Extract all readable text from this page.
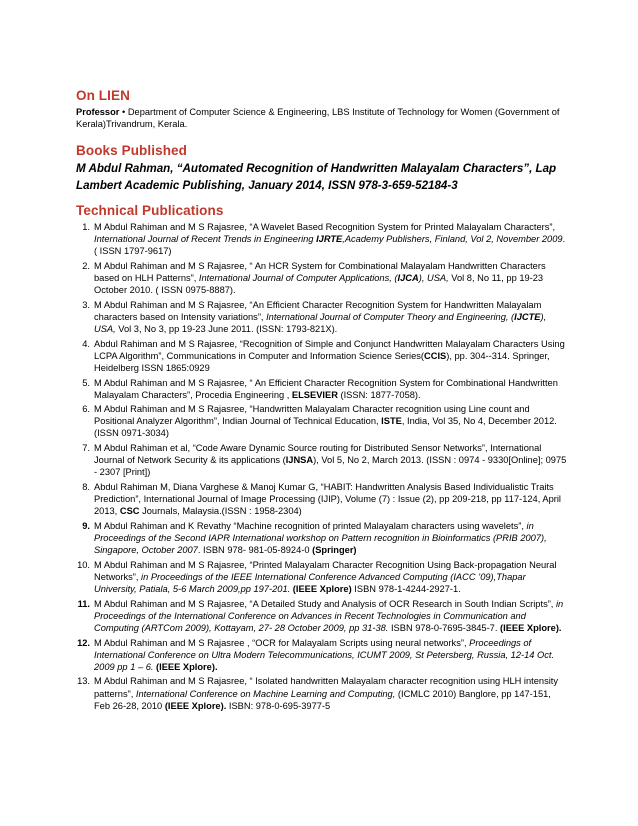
On LIEN
Professor • Department of Computer Science & Engineering, LBS Institute of Technology for Women (Government of Kerala)Trivandrum, Kerala.
Books Published
M Abdul Rahman, “Automated Recognition of Handwritten Malayalam Characters”, Lap Lambert Academic Publishing, January 2014, ISSN 978-3-659-52184-3
Technical Publications
1. M Abdul Rahiman and M S Rajasree, “A Wavelet Based Recognition System for Printed Malayalam Characters”, International Journal of Recent Trends in Engineering IJRTE,Academy Publishers, Finland, Vol 2, November 2009. ( ISSN 1797-9617)
2. M Abdul Rahiman and M S Rajasree, “ An HCR System for Combinational Malayalam Handwritten Characters based on HLH Patterns”, International Journal of Computer Applications, (IJCA), USA, Vol 8, No 11, pp 19-23 October 2010. ( ISSN 0975-8887).
3. M Abdul Rahiman and M S Rajasree, “An Efficient Character Recognition System for Handwritten Malayalam characters based on Intensity variations”, International Journal of Computer Theory and Engineering, (IJCTE), USA, Vol 3, No 3, pp 19-23 June 2011. (ISSN: 1793-821X).
4. Abdul Rahiman and M S Rajasree, “Recognition of Simple and Conjunct Handwritten Malayalam Characters Using LCPA Algorithm”, Communications in Computer and Information Science Series(CCIS), pp. 304--314. Springer, Heidelberg ISSN 1865:0929
5. M Abdul Rahiman and M S Rajasree, “ An Efficient Character Recognition System for Combinational Handwritten Malayalam Characters”, Procedia Engineering , ELSEVIER (ISSN: 1877-7058).
6. M Abdul Rahiman and M S Rajasree, “Handwritten Malayalam Character recognition using Line count and Positional Analyzer Algorithm”, Indian Journal of Technical Education, ISTE, India, Vol 35, No 4, December 2012. (ISSN 0971-3034)
7. M Abdul Rahiman et al, “Code Aware Dynamic Source routing for Distributed Sensor Networks”, International Journal of Network Security & its applications (IJNSA), Vol 5, No 2, March 2013. (ISSN : 0974 - 9330[Online]; 0975 - 2307 [Print])
8. Abdul Rahiman M, Diana Varghese & Manoj Kumar G, “HABIT: Handwritten Analysis Based Individualistic Traits Prediction”, International Journal of Image Processing (IJIP), Volume (7) : Issue (2), pp 209-218, pp 117-124, April 2013, CSC Journals, Malaysia.(ISSN : 1958-2304)
9. M Abdul Rahiman and K Revathy “Machine recognition of printed Malayalam characters using wavelets”, in Proceedings of the Second IAPR International workshop on Pattern recognition in Bioinformatics (PRIB 2007), Singapore, October 2007. ISBN 978- 981-05-8924-0 (Springer)
10. M Abdul Rahiman and M S Rajasree, “Printed Malayalam Character Recognition Using Back-propagation Neural Networks”, in Proceedings of the IEEE International Conference Advanced Computing (IACC ’09),Thapar University, Patiala, 5-6 March 2009,pp 197-201. (IEEE Xplore) ISBN 978-1-4244-2927-1.
11. M Abdul Rahiman and M S Rajasree, “A Detailed Study and Analysis of OCR Research in South Indian Scripts”, in Proceedings of the International Conference on Advances in Recent Technologies in Communication and Computing (ARTCom 2009), Kottayam, 27- 28 October 2009, pp 31-38. ISBN 978-0-7695-3845-7. (IEEE Xplore).
12. M Abdul Rahiman and M S Rajasree , “OCR for Malayalam Scripts using neural networks”, Proceedings of International Conference on Ultra Modern Telecommunications, ICUMT 2009, St Petersberg, Russia, 12-14 Oct. 2009 pp 1 – 6. (IEEE Xplore).
13. M Abdul Rahiman and M S Rajasree, “ Isolated handwritten Malayalam character recognition using HLH intensity patterns”, International Conference on Machine Learning and Computing, (ICMLC 2010) Banglore, pp 147-151, Feb 26-28, 2010 (IEEE Xplore). ISBN: 978-0-695-3977-5
